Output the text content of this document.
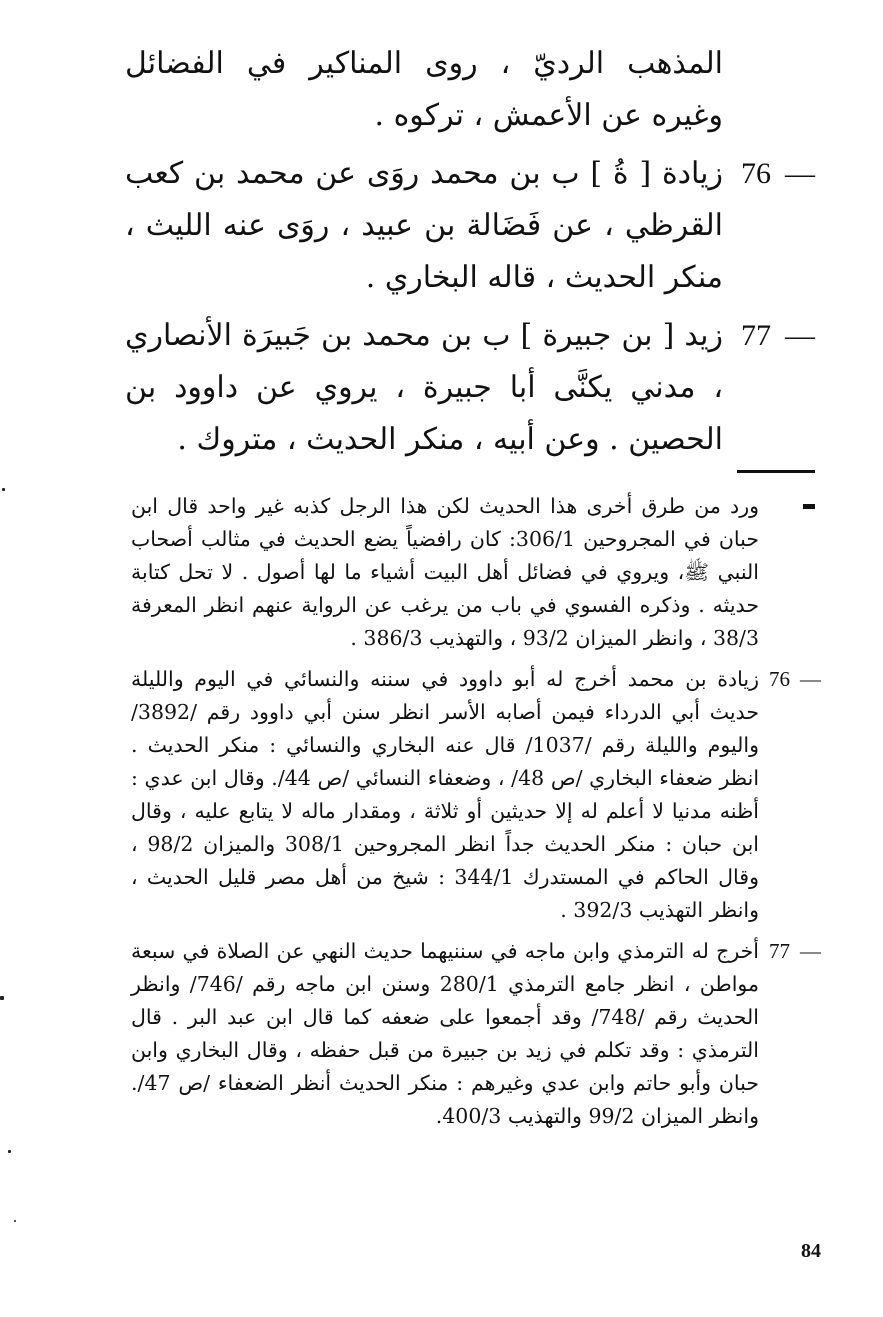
المذهب الرديّ ، روى المناكير في الفضائل وغيره عن الأعمش ، تركوه .

76 —

زيادة [ ةُ ] ب بن محمد روَى عن محمد بن كعب القرظي ، عن فَضَالة بن عبيد ، روَى عنه الليث ، منكر الحديث ، قاله البخاري .

77 —

زيد [ بن جبيرة ] ب بن محمد بن جَبيرَة الأنصاري ، مدني يكنَّى أبا جبيرة ، يروي عن داوود بن الحصين . وعن أبيه ، منكر الحديث ، متروك .

ورد من طرق أخرى هذا الحديث لكن هذا الرجل كذبه غير واحد قال ابن حبان في المجروحين 306/1: كان رافضياً يضع الحديث في مثالب أصحاب النبي ﷺ، ويروي في فضائل أهل البيت أشياء ما لها أصول . لا تحل كتابة حديثه . وذكره الفسوي في باب من يرغب عن الرواية عنهم انظر المعرفة 38/3 ، وانظر الميزان 93/2 ، والتهذيب 386/3 .
76 —
زيادة بن محمد أخرج له أبو داوود في سننه والنسائي في اليوم والليلة حديث أبي الدرداء فيمن أصابه الأسر انظر سنن أبي داوود رقم /3892/ واليوم والليلة رقم /1037/ قال عنه البخاري والنسائي : منكر الحديث . انظر ضعفاء البخاري /ص 48/ ، وضعفاء النسائي /ص 44/. وقال ابن عدي : أظنه مدنيا لا أعلم له إلا حديثين أو ثلاثة ، ومقدار ماله لا يتابع عليه ، وقال ابن حبان : منكر الحديث جداً انظر المجروحين 308/1 والميزان 98/2 ، وقال الحاكم في المستدرك 344/1 : شيخ من أهل مصر قليل الحديث ، وانظر التهذيب 392/3 .
77 —
أخرج له الترمذي وابن ماجه في سننيهما حديث النهي عن الصلاة في سبعة مواطن ، انظر جامع الترمذي 280/1 وسنن ابن ماجه رقم /746/ وانظر الحديث رقم /748/ وقد أجمعوا على ضعفه كما قال ابن عبد البر . قال الترمذي : وقد تكلم في زيد بن جبيرة من قبل حفظه ، وقال البخاري وابن حبان وأبو حاتم وابن عدي وغيرهم : منكر الحديث أنظر الضعفاء /ص 47/. وانظر الميزان 99/2 والتهذيب 400/3.
84
